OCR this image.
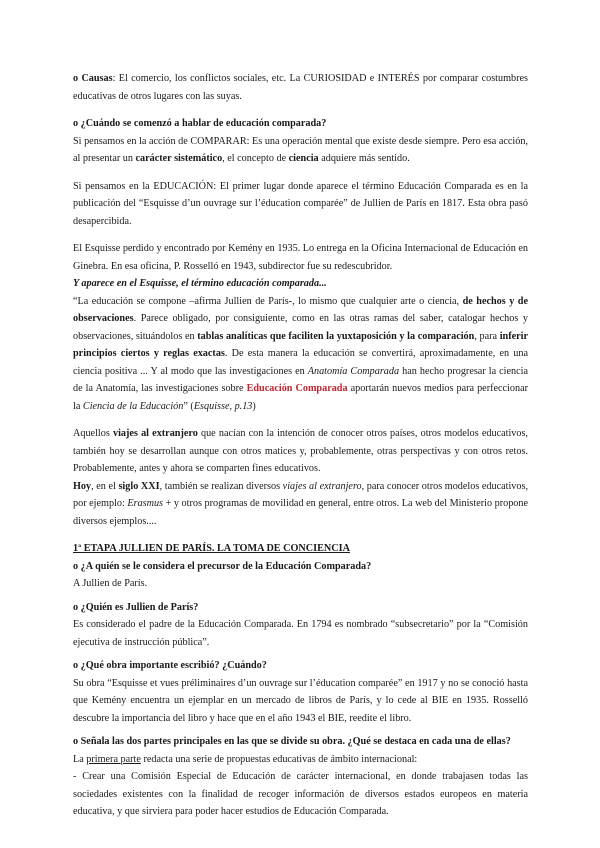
o Causas: El comercio, los conflictos sociales, etc. La CURIOSIDAD e INTERÉS por comparar costumbres educativas de otros lugares con las suyas.

o ¿Cuándo se comenzó a hablar de educación comparada?

Si pensamos en la acción de COMPARAR: Es una operación mental que existe desde siempre. Pero esa acción, al presentar un carácter sistemático, el concepto de ciencia adquiere más sentido.

Si pensamos en la EDUCACIÓN: El primer lugar donde aparece el término Educación Comparada es en la publicación del “Esquisse d’un ouvrage sur l’éducation comparée” de Jullien de París en 1817. Esta obra pasó desapercibida.

El Esquisse perdido y encontrado por Kemény en 1935. Lo entrega en la Oficina Internacional de Educación en Ginebra. En esa oficina, P. Rosselló en 1943, subdirector fue su redescubridor.

Y aparece en el Esquisse, el término educación comparada...

“La educación se compone –afirma Jullien de París-, lo mismo que cualquier arte o ciencia, de hechos y de observaciones. Parece obligado, por consiguiente, como en las otras ramas del saber, catalogar hechos y observaciones, situándolos en tablas analíticas que faciliten la yuxtaposición y la comparación, para inferir principios ciertos y reglas exactas. De esta manera la educación se convertirá, aproximadamente, en una ciencia positiva ... Y al modo que las investigaciones en Anatomía Comparada han hecho progresar la ciencia de la Anatomía, las investigaciones sobre Educación Comparada aportarán nuevos medios para perfeccionar la Ciencia de la Educación” (Esquisse, p.13)

Aquellos viajes al extranjero que nacían con la intención de conocer otros países, otros modelos educativos, también hoy se desarrollan aunque con otros matices y, probablemente, otras perspectivas y con otros retos. Probablemente, antes y ahora se comparten fines educativos.

Hoy, en el siglo XXI, también se realizan diversos viajes al extranjero, para conocer otros modelos educativos, por ejemplo: Erasmus + y otros programas de movilidad en general, entre otros. La web del Ministerio propone diversos ejemplos....

1ª ETAPA JULLIEN DE PARÍS. LA TOMA DE CONCIENCIA

o ¿A quién se le considera el precursor de la Educación Comparada?

A Jullien de París.

o ¿Quién es Jullien de París?

Es considerado el padre de la Educación Comparada. En 1794 es nombrado “subsecretario” por la “Comisión ejecutiva de instrucción pública”.

o ¿Qué obra importante escribió? ¿Cuándo?

Su obra “Esquisse et vues préliminaires d’un ouvrage sur l’éducation comparée” en 1917 y no se conoció hasta que Kemény encuentra un ejemplar en un mercado de libros de París, y lo cede al BIE en 1935. Rosselló descubre la importancia del libro y hace que en el año 1943 el BIE, reedite el libro.

o Señala las dos partes principales en las que se divide su obra. ¿Qué se destaca en cada una de ellas?

La primera parte redacta una serie de propuestas educativas de ámbito internacional:

- Crear una Comisión Especial de Educación de carácter internacional, en donde trabajasen todas las sociedades existentes con la finalidad de recoger información de diversos estados europeos en materia educativa, y que sirviera para poder hacer estudios de Educación Comparada.
